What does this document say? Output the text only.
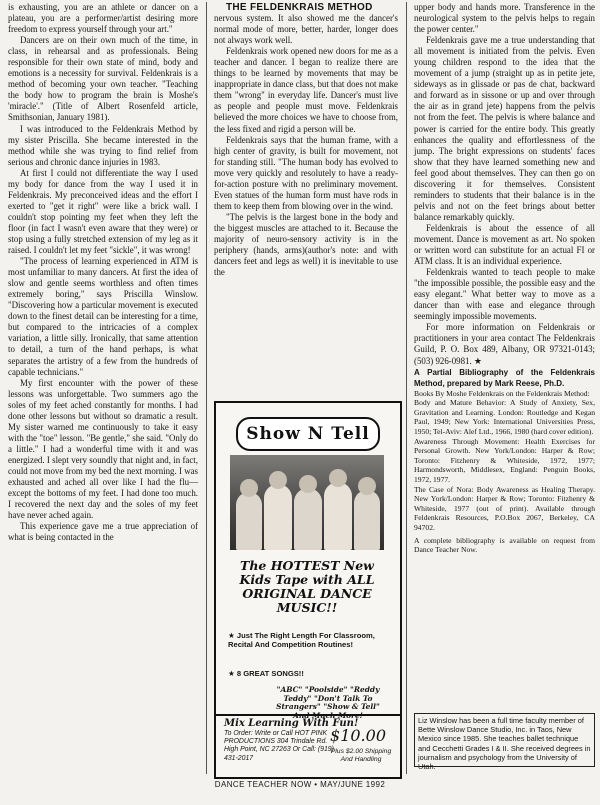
is exhausting, you are an athlete or dancer on a plateau, you are a performer/artist desiring more freedom to express yourself through your art."

Dancers are on their own much of the time, in class, in rehearsal and as professionals. Being responsible for their own state of mind, body and emotions is a necessity for survival. Feldenkrais is a method of becoming your own teacher. "Teaching the body how to program the brain is Moshe's 'miracle'." (Title of Albert Rosenfeld article, Smithsonian, January 1981).

I was introduced to the Feldenkrais Method by my sister Priscilla. She became interested in the method while she was trying to find relief from serious and chronic dance injuries in 1983.

At first I could not differentiate the way I used my body for dance from the way I used it in Feldenkrais. My preconceived ideas and the effort I exerted to "get it right" were like a brick wall. I couldn't stop pointing my feet when they left the floor (in fact I wasn't even aware that they were) or stop using a fully stretched extension of my leg as it raised. I couldn't let my feet "sickle", it was wrong!

"The process of learning experienced in ATM is most unfamiliar to many dancers. At first the idea of slow and gentle seems worthless and often times extremely boring," says Priscilla Winslow. "Discovering how a particular movement is executed down to the finest detail can be interesting for a time, but compared to the intricacies of a complex variation, a little silly. Ironically, that same attention to detail, a turn of the hand perhaps, is what separates the artistry of a few from the hundreds of capable technicians."

My first encounter with the power of these lessons was unforgettable. Two summers ago the soles of my feet ached constantly for months. I had done other lessons but without so dramatic a result. My sister warned me continuously to take it easy with the "toe" lesson. "Be gentle," she said. "Only do a little." I had a wonderful time with it and was energized. I slept very soundly that night and, in fact, could not move from my bed the next morning. I was exhausted and ached all over like I had the flu—except the bottoms of my feet. I had done too much. I recovered the next day and the soles of my feet have never ached again.

This experience gave me a true appreciation of what is being contacted in the

THE FELDENKRAIS METHOD

nervous system. It also showed me the dancer's normal mode of more, better, harder, longer does not always work well.

Feldenkrais work opened new doors for me as a teacher and dancer. I began to realize there are things to be learned by movements that may be inappropriate in dance class, but that does not make them "wrong" in everyday life. Dancer's must live as people and people must move. Feldenkrais believed the more choices we have to choose from, the less fixed and rigid a person will be.

Feldenkrais says that the human frame, with a high center of gravity, is built for movement, not for standing still. "The human body has evolved to move very quickly and resolutely to have a ready-for-action posture with no preliminary movement. Even statues of the human form must have rods in them to keep them from blowing over in the wind.

"The pelvis is the largest bone in the body and the biggest muscles are attached to it. Because the majority of neuro-sensory activity is in the periphery (hands, arms)(author's note: and with dancers feet and legs as well) it is inevitable to use the

Show N Tell
The HOTTEST New Kids Tape with ALL ORIGINAL DANCE MUSIC!!
★ Just The Right Length For Classroom, Recital And Competition Routines!
★ 8 GREAT SONGS!!
"ABC" "Poolside" "Reddy Teddy" "Don't Talk To Strangers" "Show & Tell" And Much More!
Mix Learning With Fun!
To Order: Write or Call HOT PINK PRODUCTIONS 304 Trindale Rd. High Point, NC 27263 Or Call: (919) 431-2017
$10.00
Plus $2.00 Shipping And Handling

upper body and hands more. Transference in the neurological system to the pelvis helps to regain the power center."

Feldenkrais gave me a true understanding that all movement is initiated from the pelvis. Even young children respond to the idea that the movement of a jump (straight up as in petite jete, sideways as in glissade or pas de chat, backward and forward as in sissone or up and over through the air as in grand jete) happens from the pelvis not from the feet. The pelvis is where balance and power is carried for the entire body. This greatly enhances the quality and effortlessness of the jump. The bright expressions on students' faces show that they have learned something new and feel good about themselves. They can then go on discovering it for themselves. Consistent reminders to students that their balance is in the pelvis and not on the feet brings about better balance remarkably quickly.

Feldenkrais is about the essence of all movement. Dance is movement as art. No spoken or written word can substitute for an actual FI or ATM class. It is an individual experience.

Feldenkrais wanted to teach people to make "the impossible possible, the possible easy and the easy elegant." What better way to move as a dancer than with ease and elegance through seemingly impossible movements.

For more information on Feldenkrais or practitioners in your area contact The Feldenkrais Guild, P. O. Box 489, Albany, OR 97321-0143; (503) 926-0981. ★

A Partial Bibliography of the Feldenkrais Method, prepared by Mark Reese, Ph.D.

Books By Moshe Feldenkrais on the Feldenkrais Method:

Body and Mature Behavior: A Study of Anxiety, Sex, Gravitation and Learning. London: Routledge and Kegan Paul, 1949; New York: International Universities Press, 1950; Tel-Aviv: Alef Ltd., 1966, 1980 (hard cover edition).

Awareness Through Movement: Health Exercises for Personal Growth. New York/London: Harper & Row; Toronto: Fitzhenry & Whiteside, 1972, 1977; Harmondsworth, Middlesex, England: Penguin Books, 1972, 1977.

The Case of Nora: Body Awareness as Healing Therapy. New York/London: Harper & Row; Toronto: Fitzhenry & Whiteside, 1977 (out of print). Available through Feldenkrais Resources, P.O.Box 2067, Berkeley, CA 94702.

A complete bibliography is available on request from Dance Teacher Now.

Liz Winslow has been a full time faculty member of Bette Winslow Dance Studio, Inc. in Taos, New Mexico since 1985. She teaches ballet technique and Cecchetti Grades I & II. She received degrees in journalism and psychology from the University of Utah.
DANCE TEACHER NOW • MAY/JUNE 1992
